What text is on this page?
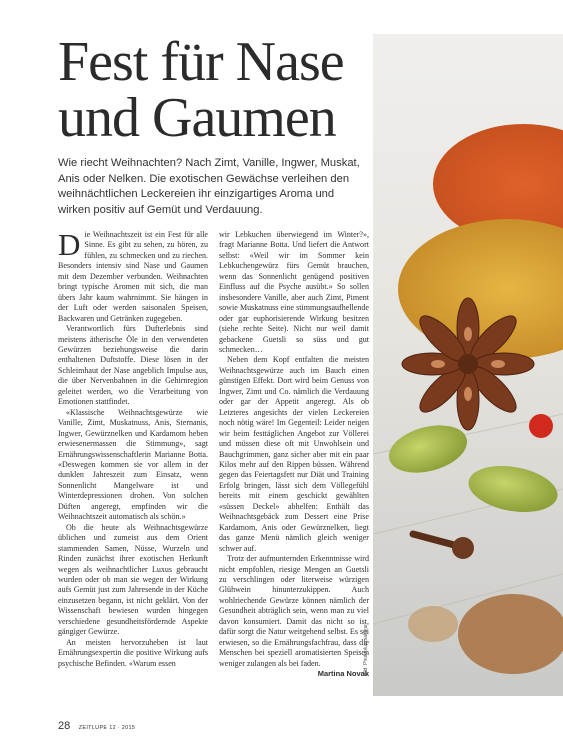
Fest für Nase und Gaumen

Wie riecht Weihnachten? Nach Zimt, Vanille, Ingwer, Muskat, Anis oder Nelken. Die exotischen Gewächse verleihen den weihnächtlichen Leckereien ihr einzigartiges Aroma und wirken positiv auf Gemüt und Verdauung.

Die Weihnachtszeit ist ein Fest für alle Sinne. Es gibt zu sehen, zu hören, zu fühlen, zu schmecken und zu riechen. Besonders intensiv sind Nase und Gaumen mit dem Dezember verbunden. Weihnachten bringt typische Aromen mit sich, die man übers Jahr kaum wahrnimmt. Sie hängen in der Luft oder werden saisonalen Speisen, Backwaren und Getränken zugegeben.

Verantwortlich fürs Dufterlebnis sind meistens ätherische Öle in den verwendeten Gewürzen beziehungsweise die darin enthaltenen Duftstoffe. Diese lösen in der Schleimhaut der Nase angeblich Impulse aus, die über Nervenbahnen in die Gehirnregion geleitet werden, wo die Verarbeitung von Emotionen stattfindet.

«Klassische Weihnachtsgewürze wie Vanille, Zimt, Muskatnuss, Anis, Sternanis, Ingwer, Gewürznelken und Kardamom heben erwiesenermassen die Stimmung», sagt Ernährungswissenschaftlerin Marianne Botta. «Deswegen kommen sie vor allem in der dunklen Jahreszeit zum Einsatz, wenn Sonnenlicht Mangelware ist und Winterdepressionen drohen. Von solchen Düften angeregt, empfinden wir die Weihnachtszeit automatisch als schön.»

Ob die heute als Weihnachtsgewürze üblichen und zumeist aus dem Orient stammenden Samen, Nüsse, Wurzeln und Rinden zunächst ihrer exotischen Herkunft wegen als weihnachtlicher Luxus gebraucht wurden oder ob man sie wegen der Wirkung aufs Gemüt just zum Jahresende in der Küche einzusetzen begann, ist nicht geklärt. Von der Wissenschaft bewiesen wurden hingegen verschiedene gesundheitsfördernde Aspekte gängiger Gewürze.

An meisten hervorzuheben ist laut Ernährungsexpertin die positive Wirkung aufs psychische Befinden. «Warum essen

wir Lebkuchen überwiegend im Winter?», fragt Marianne Botta. Und liefert die Antwort selbst: «Weil wir im Sommer kein Lebkuchengewürz fürs Gemüt brauchen, wenn das Sonnenlicht genügend positiven Einfluss auf die Psyche ausübt.» So sollen insbesondere Vanille, aber auch Zimt, Piment sowie Muskatnuss eine stimmungsaufhellende oder gar euphorisierende Wirkung besitzen (siehe rechte Seite). Nicht nur weil damit gebackene Guetsli so süss und gut schmecken…

Neben dem Kopf entfalten die meisten Weihnachtsgewürze auch im Bauch einen günstigen Effekt. Dort wird beim Genuss von Ingwer, Zimt und Co. nämlich die Verdauung oder gar der Appetit angeregt. Als ob Letzteres angesichts der vielen Leckereien noch nötig wäre! Im Gegenteil: Leider neigen wir beim festtäglichen Angebot zur Völlerei und müssen diese oft mit Unwohlsein und Bauchgrimmen, ganz sicher aber mit ein paar Kilos mehr auf den Rippen büssen. Während gegen das Feiertagsfett nur Diät und Training Erfolg bringen, lässt sich dem Völlegefühl bereits mit einem geschickt gewählten «süssen Deckel» abhelfen: Enthält das Weihnachtsgebäck zum Dessert eine Prise Kardamom, Anis oder Gewürznelken, liegt das ganze Menü nämlich gleich weniger schwer auf.

Trotz der aufmunternden Erkenntnisse wird nicht empfohlen, riesige Mengen an Guetsli zu verschlingen oder literweise würzigen Glühwein hinunterzukippen. Auch wohlriechende Gewürze können nämlich der Gesundheit abträglich sein, wenn man zu viel davon konsumiert. Damit das nicht so ist, dafür sorgt die Natur weitgehend selbst. Es sei erwiesen, so die Ernährungsfachfrau, dass die Menschen bei speziell aromatisierten Speisen weniger zulangen als bei faden.
Martina Novak

Bild: Photopluszsalaine
28 ZEITLUPE 12 · 2015
